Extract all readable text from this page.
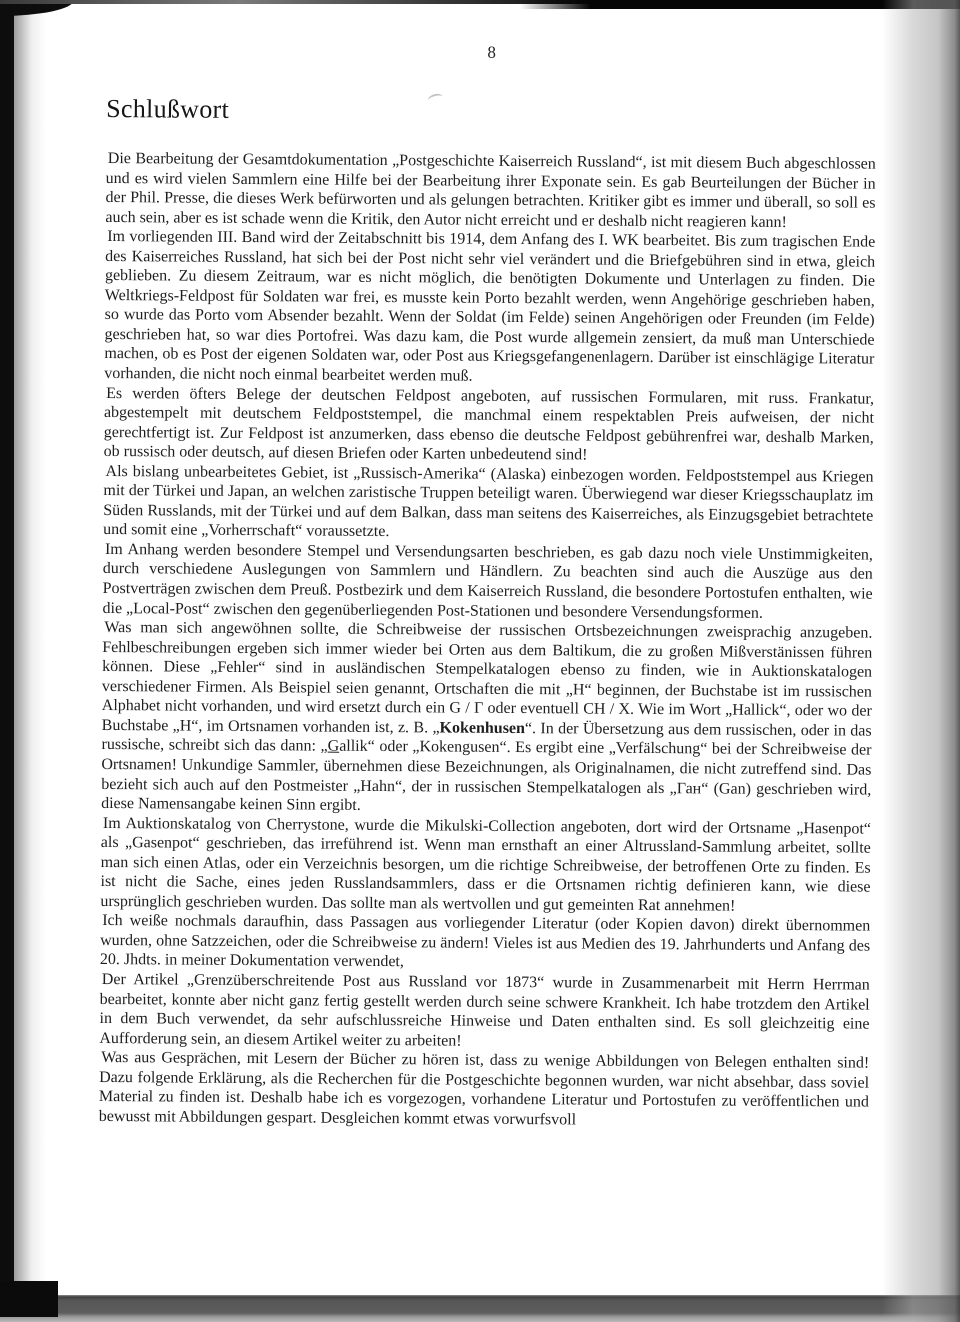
8
Schlußwort

Die Bearbeitung der Gesamtdokumentation „Postgeschichte Kaiserreich Russland“, ist mit diesem Buch abgeschlossen und es wird vielen Sammlern eine Hilfe bei der Bearbeitung ihrer Exponate sein. Es gab Beurteilungen der Bücher in der Phil. Presse, die dieses Werk befürworten und als gelungen betrachten. Kritiker gibt es immer und überall, so soll es auch sein, aber es ist schade wenn die Kritik, den Autor nicht erreicht und er deshalb nicht reagieren kann!

Im vorliegenden III. Band wird der Zeitabschnitt bis 1914, dem Anfang des I. WK bearbeitet. Bis zum tragischen Ende des Kaiserreiches Russland, hat sich bei der Post nicht sehr viel verändert und die Briefgebühren sind in etwa, gleich geblieben. Zu diesem Zeitraum, war es nicht möglich, die benötigten Dokumente und Unterlagen zu finden. Die Weltkriegs-Feldpost für Soldaten war frei, es musste kein Porto bezahlt werden, wenn Angehörige geschrieben haben, so wurde das Porto vom Absender bezahlt. Wenn der Soldat (im Felde) seinen Angehörigen oder Freunden (im Felde) geschrieben hat, so war dies Portofrei. Was dazu kam, die Post wurde allgemein zensiert, da muß man Unterschiede machen, ob es Post der eigenen Soldaten war, oder Post aus Kriegsgefangenenlagern. Darüber ist einschlägige Literatur vorhanden, die nicht noch einmal bearbeitet werden muß.

Es werden öfters Belege der deutschen Feldpost angeboten, auf russischen Formularen, mit russ. Frankatur, abgestempelt mit deutschem Feldpoststempel, die manchmal einem respektablen Preis aufweisen, der nicht gerechtfertigt ist. Zur Feldpost ist anzumerken, dass ebenso die deutsche Feldpost gebührenfrei war, deshalb Marken, ob russisch oder deutsch, auf diesen Briefen oder Karten unbedeutend sind!

Als bislang unbearbeitetes Gebiet, ist „Russisch-Amerika“ (Alaska) einbezogen worden. Feldpoststempel aus Kriegen mit der Türkei und Japan, an welchen zaristische Truppen beteiligt waren. Überwiegend war dieser Kriegsschauplatz im Süden Russlands, mit der Türkei und auf dem Balkan, dass man seitens des Kaiserreiches, als Einzugsgebiet betrachtete und somit eine „Vorherrschaft“ voraussetzte.

Im Anhang werden besondere Stempel und Versendungsarten beschrieben, es gab dazu noch viele Unstimmigkeiten, durch verschiedene Auslegungen von Sammlern und Händlern. Zu beachten sind auch die Auszüge aus den Postverträgen zwischen dem Preuß. Postbezirk und dem Kaiserreich Russland, die besondere Portostufen enthalten, wie die „Local-Post“ zwischen den gegenüberliegenden Post-Stationen und besondere Versendungsformen.

Was man sich angewöhnen sollte, die Schreibweise der russischen Ortsbezeichnungen zweisprachig anzugeben. Fehlbeschreibungen ergeben sich immer wieder bei Orten aus dem Baltikum, die zu großen Mißverstänissen führen können. Diese „Fehler“ sind in ausländischen Stempelkatalogen ebenso zu finden, wie in Auktionskatalogen verschiedener Firmen. Als Beispiel seien genannt, Ortschaften die mit „H“ beginnen, der Buchstabe ist im russischen Alphabet nicht vorhanden, und wird ersetzt durch ein G / Г oder eventuell CH / X. Wie im Wort „Hallick“, oder wo der Buchstabe „H“, im Ortsnamen vorhanden ist, z. B. „Kokenhusen“. In der Übersetzung aus dem russischen, oder in das russische, schreibt sich das dann: „Gallik“ oder „Kokengusen“. Es ergibt eine „Verfälschung“ bei der Schreibweise der Ortsnamen! Unkundige Sammler, übernehmen diese Bezeichnungen, als Originalnamen, die nicht zutreffend sind. Das bezieht sich auch auf den Postmeister „Hahn“, der in russischen Stempelkatalogen als „Ган“ (Gan) geschrieben wird, diese Namensangabe keinen Sinn ergibt.

Im Auktionskatalog von Cherrystone, wurde die Mikulski-Collection angeboten, dort wird der Ortsname „Hasenpot“ als „Gasenpot“ geschrieben, das irreführend ist. Wenn man ernsthaft an einer Altrussland-Sammlung arbeitet, sollte man sich einen Atlas, oder ein Verzeichnis besorgen, um die richtige Schreibweise, der betroffenen Orte zu finden. Es ist nicht die Sache, eines jeden Russlandsammlers, dass er die Ortsnamen richtig definieren kann, wie diese ursprünglich geschrieben wurden. Das sollte man als wertvollen und gut gemeinten Rat annehmen!

Ich weiße nochmals daraufhin, dass Passagen aus vorliegender Literatur (oder Kopien davon) direkt übernommen wurden, ohne Satzzeichen, oder die Schreibweise zu ändern! Vieles ist aus Medien des 19. Jahrhunderts und Anfang des 20. Jhdts. in meiner Dokumentation verwendet,

Der Artikel „Grenzüberschreitende Post aus Russland vor 1873“ wurde in Zusammenarbeit mit Herrn Herrman bearbeitet, konnte aber nicht ganz fertig gestellt werden durch seine schwere Krankheit. Ich habe trotzdem den Artikel in dem Buch verwendet, da sehr aufschlussreiche Hinweise und Daten enthalten sind. Es soll gleichzeitig eine Aufforderung sein, an diesem Artikel weiter zu arbeiten!

Was aus Gesprächen, mit Lesern der Bücher zu hören ist, dass zu wenige Abbildungen von Belegen enthalten sind! Dazu folgende Erklärung, als die Recherchen für die Postgeschichte begonnen wurden, war nicht absehbar, dass soviel Material zu finden ist. Deshalb habe ich es vorgezogen, vorhandene Literatur und Portostufen zu veröffentlichen und bewusst mit Abbildungen gespart. Desgleichen kommt etwas vorwurfsvoll
